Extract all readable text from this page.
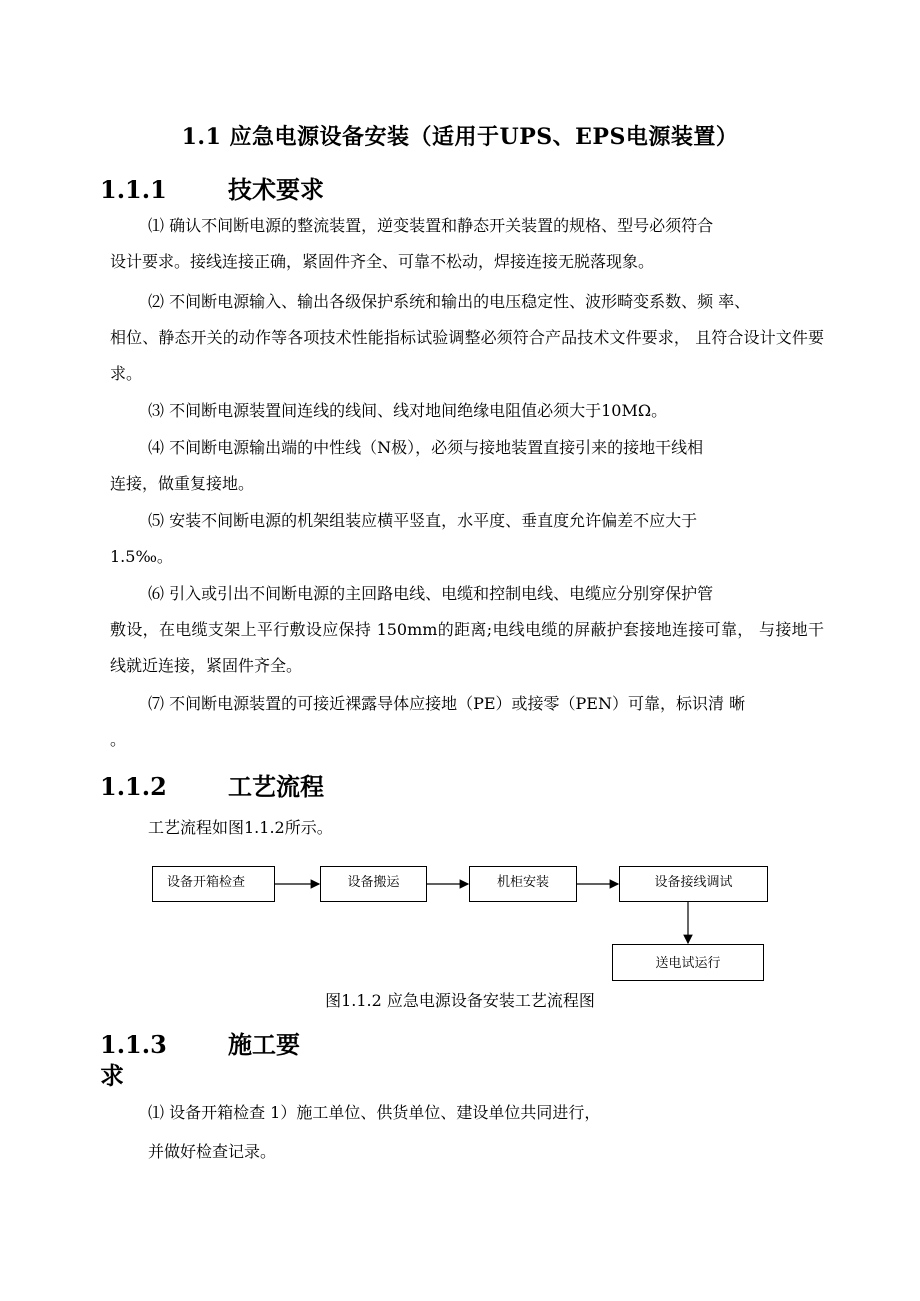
1.1 应急电源设备安装（适用于UPS、EPS电源装置）
1.1.1	技术要求
⑴ 确认不间断电源的整流装置，逆变装置和静态开关装置的规格、型号必须符合
设计要求。接线连接正确，紧固件齐全、可靠不松动，焊接连接无脱落现象。
⑵ 不间断电源输入、输出各级保护系统和输出的电压稳定性、波形畸变系数、频 率、
相位、静态开关的动作等各项技术性能指标试验调整必须符合产品技术文件要求， 且符合设计文件要求。
⑶ 不间断电源装置间连线的线间、线对地间绝缘电阻值必须大于10MΩ。
⑷ 不间断电源输出端的中性线（N极），必须与接地装置直接引来的接地干线相
连接，做重复接地。
⑸ 安装不间断电源的机架组装应横平竖直，水平度、垂直度允许偏差不应大于
1.5‰。
⑹ 引入或引出不间断电源的主回路电线、电缆和控制电线、电缆应分别穿保护管
敷设，在电缆支架上平行敷设应保持 150mm的距离;电线电缆的屏蔽护套接地连接可靠， 与接地干线就近连接，紧固件齐全。
⑺ 不间断电源装置的可接近裸露导体应接地（PE）或接零（PEN）可靠，标识清 晰
。
1.1.2	工艺流程
工艺流程如图1.1.2所示。
设备开箱检查	设备搬运	机柜安装	设备接线调试
送电试运行
图1.1.2 应急电源设备安装工艺流程图
1.1.3	施工要
求
⑴ 设备开箱检查 1）施工单位、供货单位、建设单位共同进行，
并做好检查记录。
